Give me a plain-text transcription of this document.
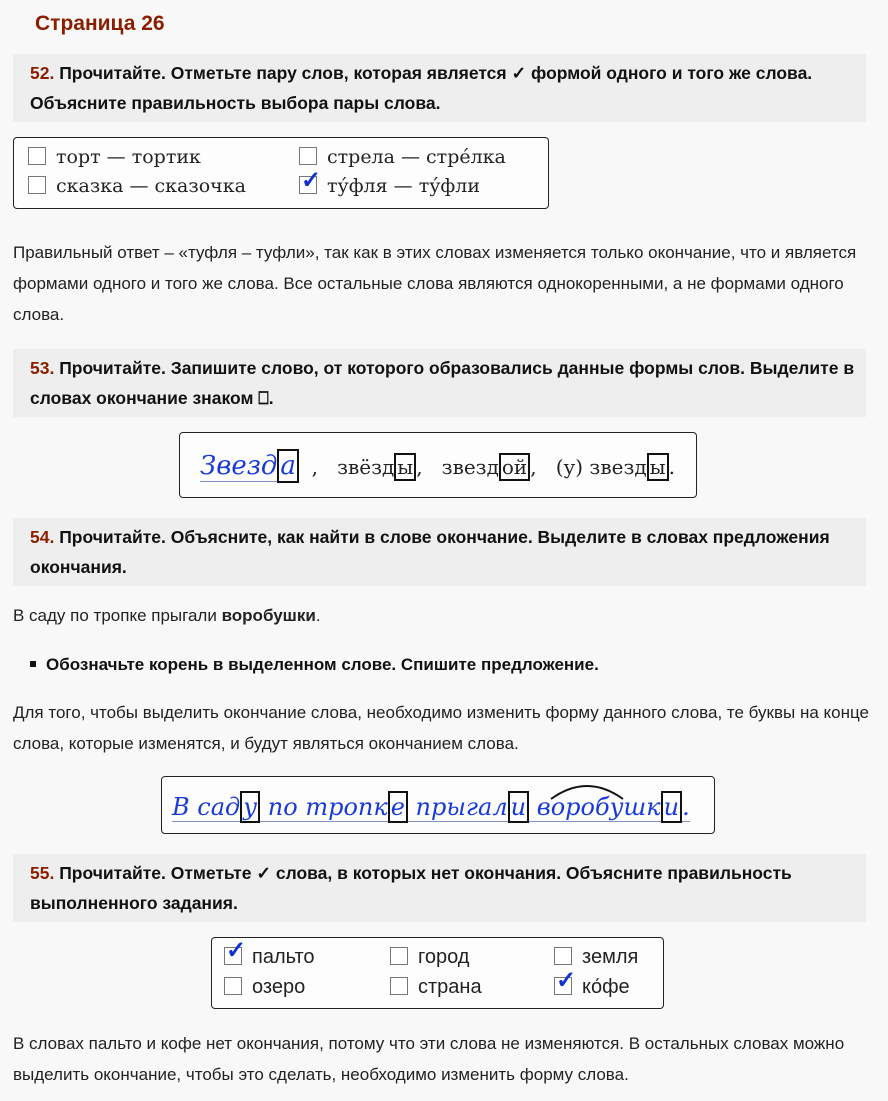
Страница 26
52. Прочитайте. Отметьте пару слов, которая является ✓ формой одного и того же слова. Объясните правильность выбора пары слова.
торт — тортик	стрела — стре́лка
сказка — сказочка ✓ ту́фля — ту́фли
Правильный ответ – «туфля – туфли», так как в этих словах изменяется только окончание, что и является формами одного и того же слова. Все остальные слова являются однокоренными, а не формами одного слова.
53. Прочитайте. Запишите слово, от которого образовались данные формы слов. Выделите в словах окончание знаком ⎕.
Звезд а  ,   звёзд ы , звезд ой , (у) звезд ы .
54. Прочитайте. Объясните, как найти в слове окончание. Выделите в словах предложения окончания.
В саду по тропке прыгали воробушки.
Обозначьте корень в выделенном слове. Спишите предложение.
Для того, чтобы выделить окончание слова, необходимо изменить форму данного слова, те буквы на конце слова, которые изменятся, и будут являться окончанием слова.
В сад у по тропк е прыгал и воробушк и .
55. Прочитайте. Отметьте ✓ слова, в которых нет окончания. Объясните правильность выполненного задания.
✓ пальто	город	земля
озеро	страна	✓ ко́фе
В словах пальто и кофе нет окончания, потому что эти слова не изменяются. В остальных словах можно выделить окончание, чтобы это сделать, необходимо изменить форму слова.
